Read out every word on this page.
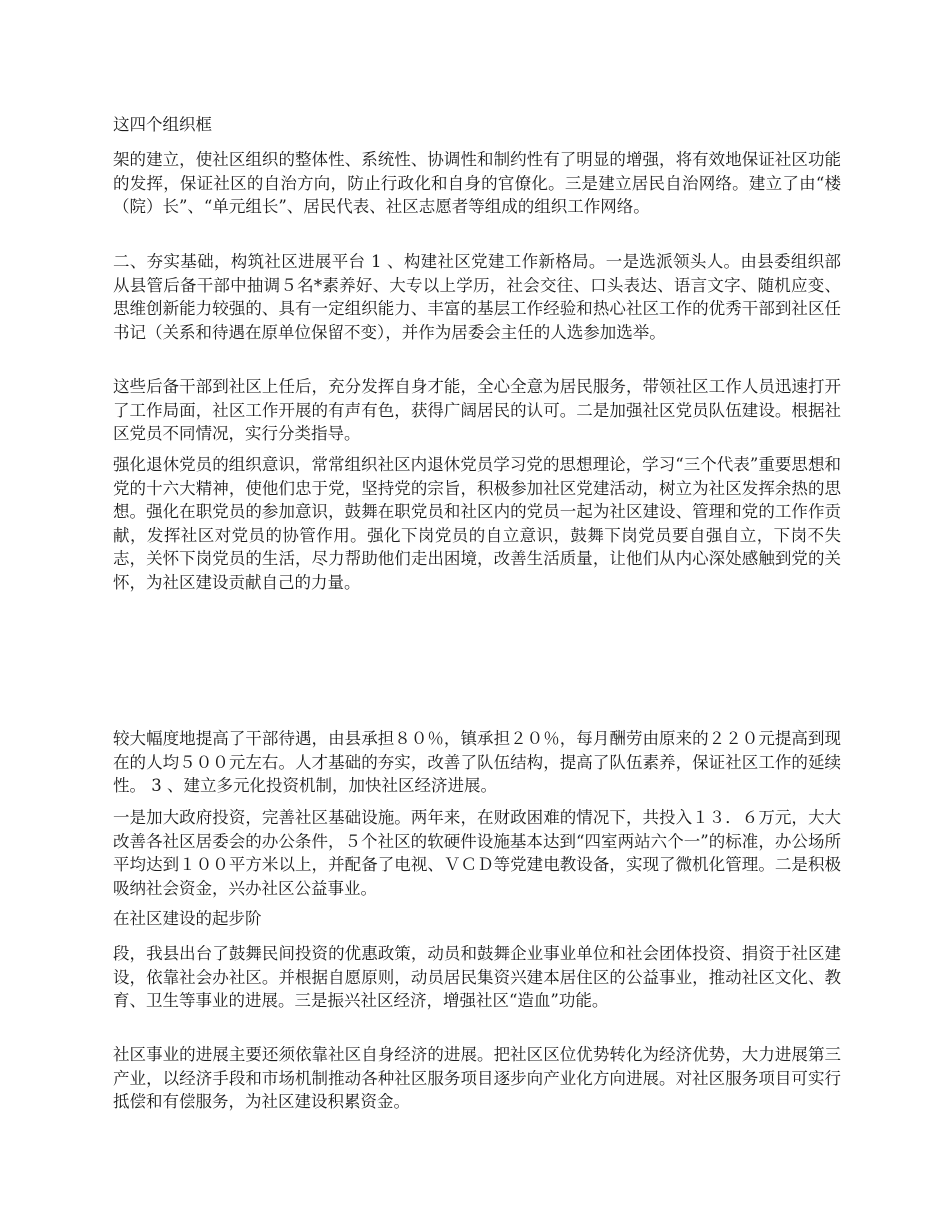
这四个组织框

架的建立，使社区组织的整体性、系统性、协调性和制约性有了明显的增强，将有效地保证社区功能的发挥，保证社区的自治方向，防止行政化和自身的官僚化。三是建立居民自治网络。建立了由“楼（院）长”、“单元组长”、居民代表、社区志愿者等组成的组织工作网络。

二、夯实基础，构筑社区进展平台 1 、构建社区党建工作新格局。一是选派领头人。由县委组织部从县管后备干部中抽调５名*素养好、大专以上学历，社会交往、口头表达、语言文字、随机应变、思维创新能力较强的、具有一定组织能力、丰富的基层工作经验和热心社区工作的优秀干部到社区任书记（关系和待遇在原单位保留不变），并作为居委会主任的人选参加选举。

这些后备干部到社区上任后，充分发挥自身才能，全心全意为居民服务，带领社区工作人员迅速打开了工作局面，社区工作开展的有声有色，获得广阔居民的认可。二是加强社区党员队伍建设。根据社区党员不同情况，实行分类指导。

强化退休党员的组织意识，常常组织社区内退休党员学习党的思想理论，学习“三个代表”重要思想和党的十六大精神，使他们忠于党，坚持党的宗旨，积极参加社区党建活动，树立为社区发挥余热的思想。强化在职党员的参加意识，鼓舞在职党员和社区内的党员一起为社区建设、管理和党的工作作贡献，发挥社区对党员的协管作用。强化下岗党员的自立意识，鼓舞下岗党员要自强自立，下岗不失志，关怀下岗党员的生活，尽力帮助他们走出困境，改善生活质量，让他们从内心深处感触到党的关怀，为社区建设贡献自己的力量。

较大幅度地提高了干部待遇，由县承担８０％，镇承担２０％，每月酬劳由原来的２２０元提高到现在的人均５００元左右。人才基础的夯实，改善了队伍结构，提高了队伍素养，保证社区工作的延续性。 3 、建立多元化投资机制，加快社区经济进展。

一是加大政府投资，完善社区基础设施。两年来，在财政困难的情况下，共投入１３．６万元，大大改善各社区居委会的办公条件，５个社区的软硬件设施基本达到“四室两站六个一”的标准，办公场所平均达到１００平方米以上，并配备了电视、ＶＣＤ等党建电教设备，实现了微机化管理。二是积极吸纳社会资金，兴办社区公益事业。

在社区建设的起步阶

段，我县出台了鼓舞民间投资的优惠政策，动员和鼓舞企业事业单位和社会团体投资、捐资于社区建设，依靠社会办社区。并根据自愿原则，动员居民集资兴建本居住区的公益事业，推动社区文化、教育、卫生等事业的进展。三是振兴社区经济，增强社区“造血”功能。

社区事业的进展主要还须依靠社区自身经济的进展。把社区区位优势转化为经济优势，大力进展第三产业，以经济手段和市场机制推动各种社区服务项目逐步向产业化方向进展。对社区服务项目可实行抵偿和有偿服务，为社区建设积累资金。
